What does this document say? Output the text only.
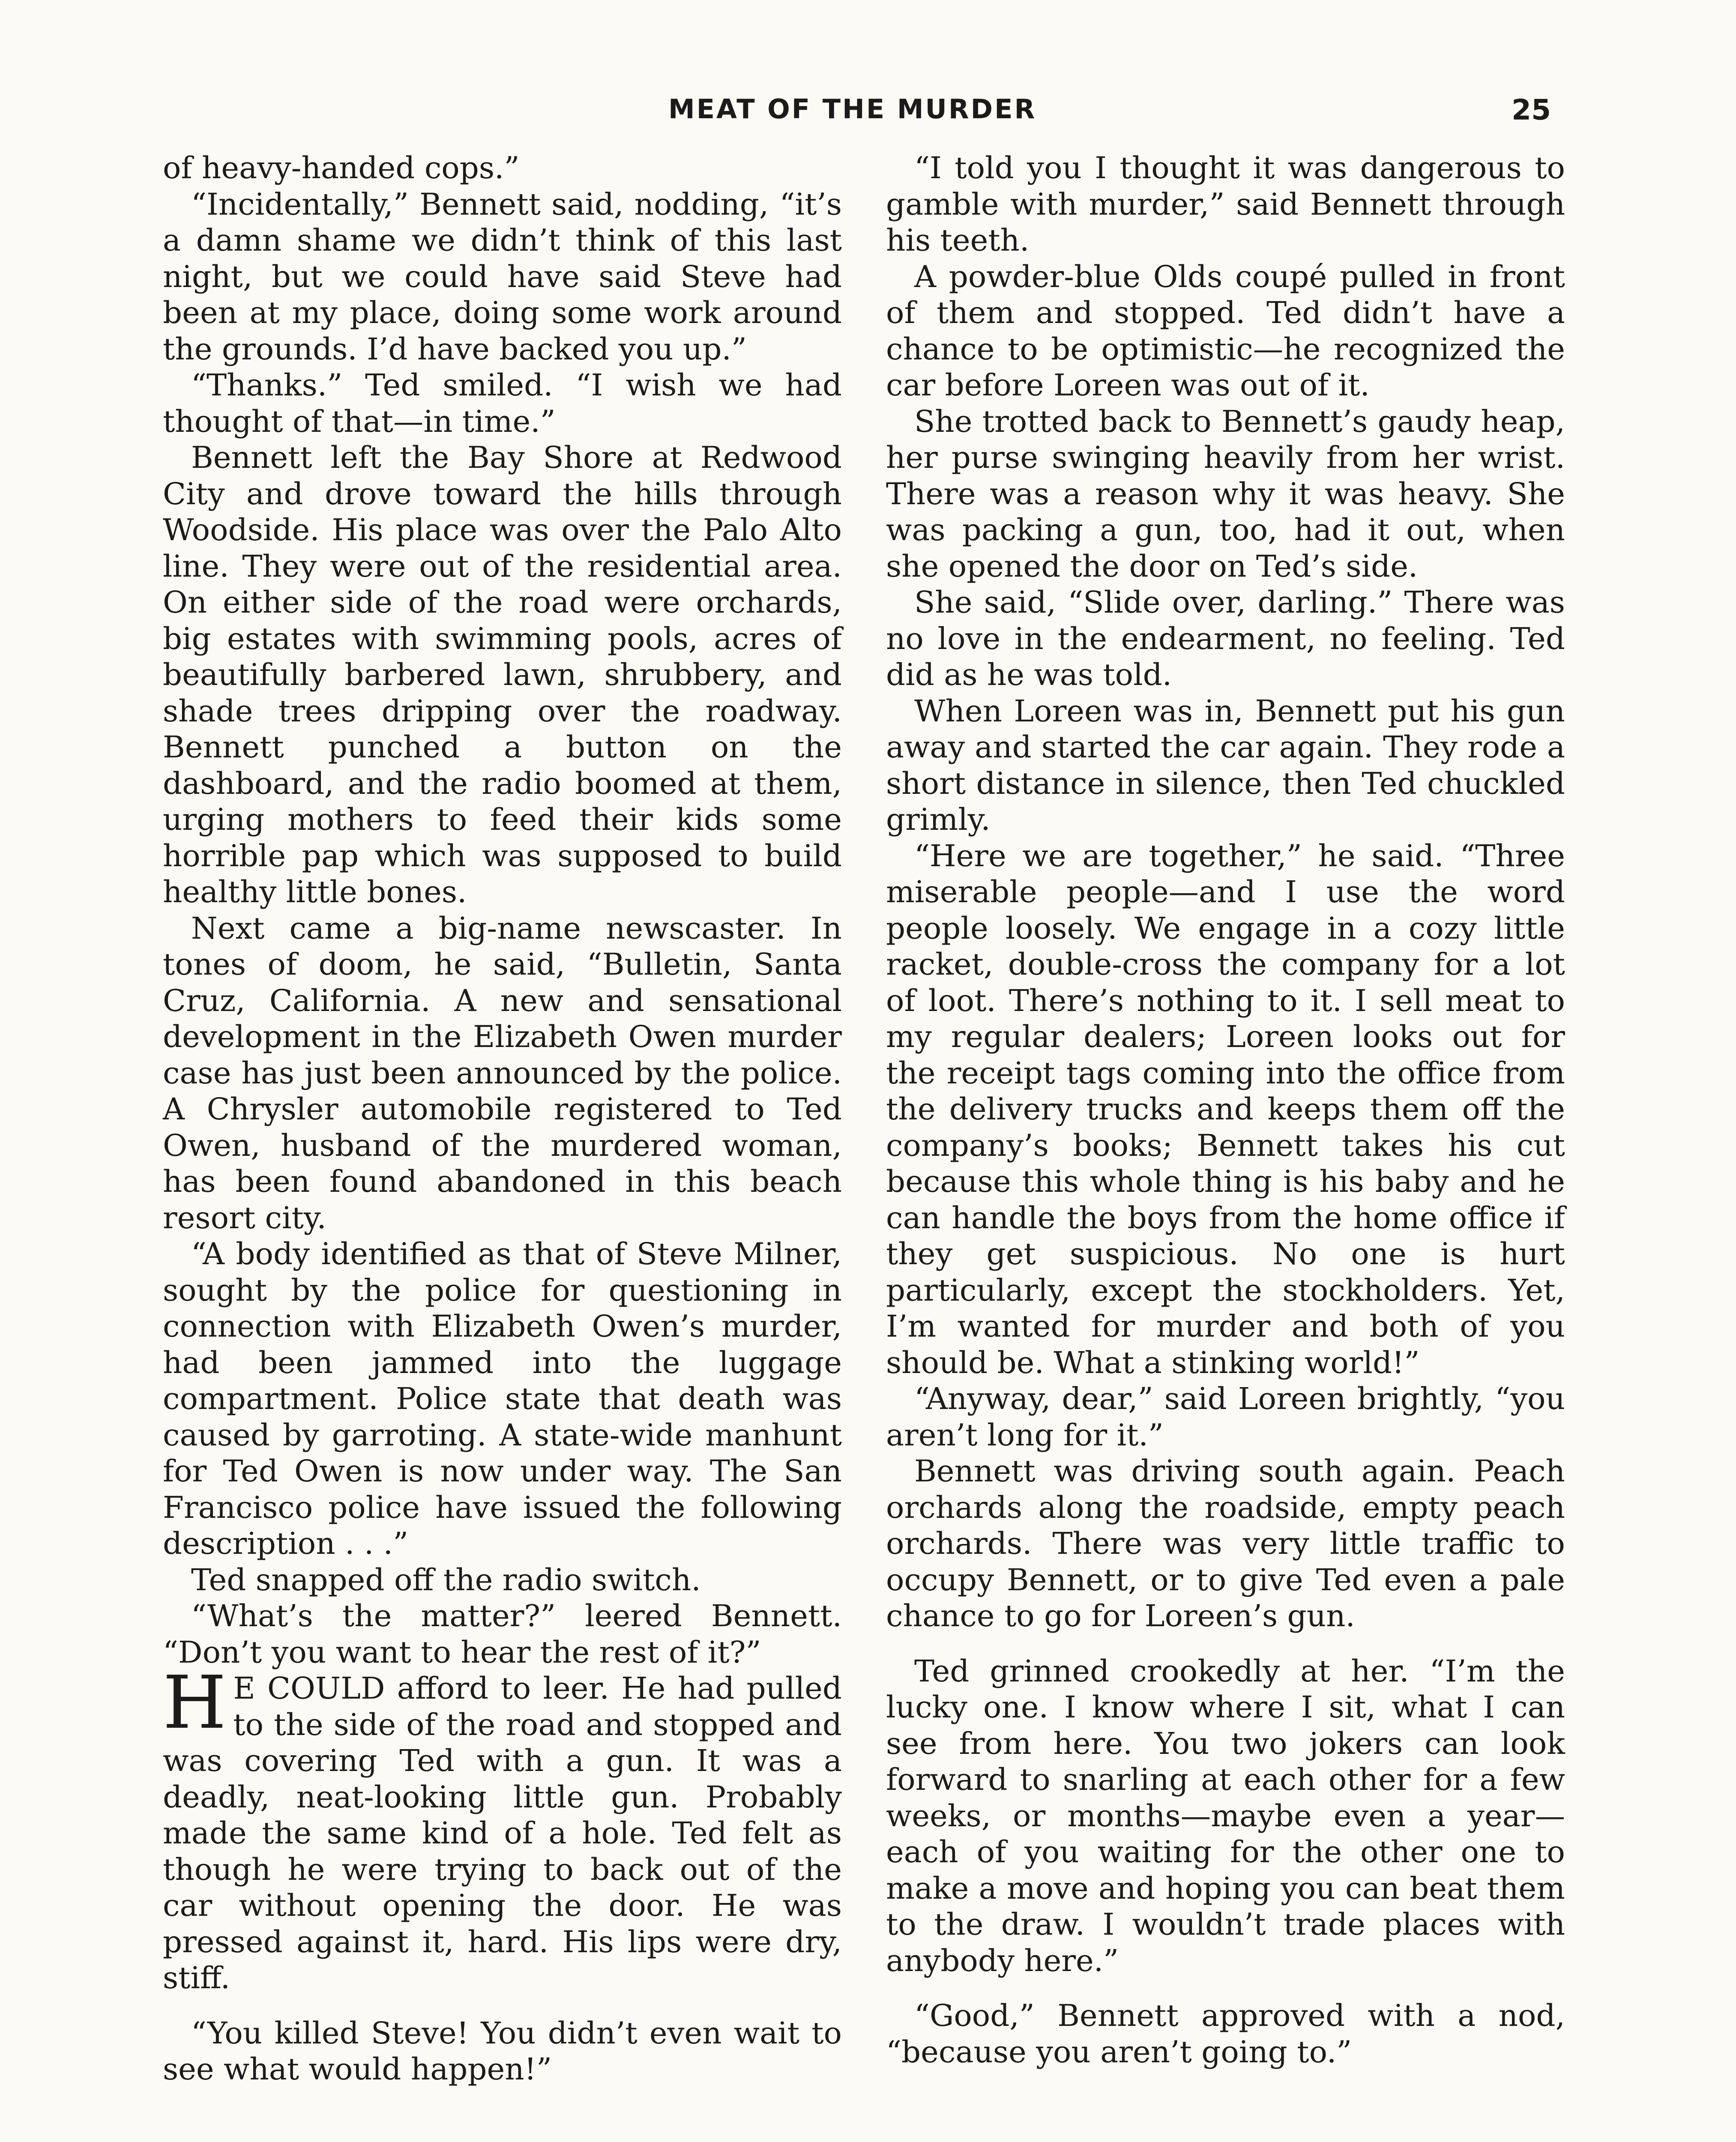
MEAT OF THE MURDER	25

of heavy-handed cops.”

“Incidentally,” Bennett said, nodding, “it’s a damn shame we didn’t think of this last night, but we could have said Steve had been at my place, doing some work around the grounds. I’d have backed you up.”

“Thanks.” Ted smiled. “I wish we had thought of that—in time.”

Bennett left the Bay Shore at Redwood City and drove toward the hills through Woodside. His place was over the Palo Alto line. They were out of the residential area. On either side of the road were orchards, big estates with swimming pools, acres of beautifully barbered lawn, shrubbery, and shade trees dripping over the roadway. Bennett punched a button on the dashboard, and the radio boomed at them, urging mothers to feed their kids some horrible pap which was supposed to build healthy little bones.

Next came a big-name newscaster. In tones of doom, he said, “Bulletin, Santa Cruz, California. A new and sensational development in the Elizabeth Owen murder case has just been announced by the police. A Chrysler automobile registered to Ted Owen, husband of the murdered woman, has been found abandoned in this beach resort city.

“A body identified as that of Steve Milner, sought by the police for questioning in connection with Elizabeth Owen’s murder, had been jammed into the luggage compartment. Police state that death was caused by garroting. A state-wide manhunt for Ted Owen is now under way. The San Francisco police have issued the following description . . .”

Ted snapped off the radio switch.

“What’s the matter?” leered Bennett. “Don’t you want to hear the rest of it?”

H E COULD afford to leer. He had pulled to the side of the road and stopped and was covering Ted with a gun. It was a deadly, neat-looking little gun. Probably made the same kind of a hole. Ted felt as though he were trying to back out of the car without opening the door. He was pressed against it, hard. His lips were dry, stiff.

“You killed Steve! You didn’t even wait to see what would happen!”

“I told you I thought it was dangerous to gamble with murder,” said Bennett through his teeth.

A powder-blue Olds coupé pulled in front of them and stopped. Ted didn’t have a chance to be optimistic—he recognized the car before Loreen was out of it.

She trotted back to Bennett’s gaudy heap, her purse swinging heavily from her wrist. There was a reason why it was heavy. She was packing a gun, too, had it out, when she opened the door on Ted’s side.

She said, “Slide over, darling.” There was no love in the endearment, no feeling. Ted did as he was told.

When Loreen was in, Bennett put his gun away and started the car again. They rode a short distance in silence, then Ted chuckled grimly.

“Here we are together,” he said. “Three miserable people—and I use the word people loosely. We engage in a cozy little racket, double-cross the company for a lot of loot. There’s nothing to it. I sell meat to my regular dealers; Loreen looks out for the receipt tags coming into the office from the delivery trucks and keeps them off the company’s books; Bennett takes his cut because this whole thing is his baby and he can handle the boys from the home office if they get suspicious. No one is hurt particularly, except the stockholders. Yet, I’m wanted for murder and both of you should be. What a stinking world!”

“Anyway, dear,” said Loreen brightly, “you aren’t long for it.”

Bennett was driving south again. Peach orchards along the roadside, empty peach orchards. There was very little traffic to occupy Bennett, or to give Ted even a pale chance to go for Loreen’s gun.

Ted grinned crookedly at her. “I’m the lucky one. I know where I sit, what I can see from here. You two jokers can look forward to snarling at each other for a few weeks, or months—maybe even a year—each of you waiting for the other one to make a move and hoping you can beat them to the draw. I wouldn’t trade places with anybody here.”

“Good,” Bennett approved with a nod, “because you aren’t going to.”
